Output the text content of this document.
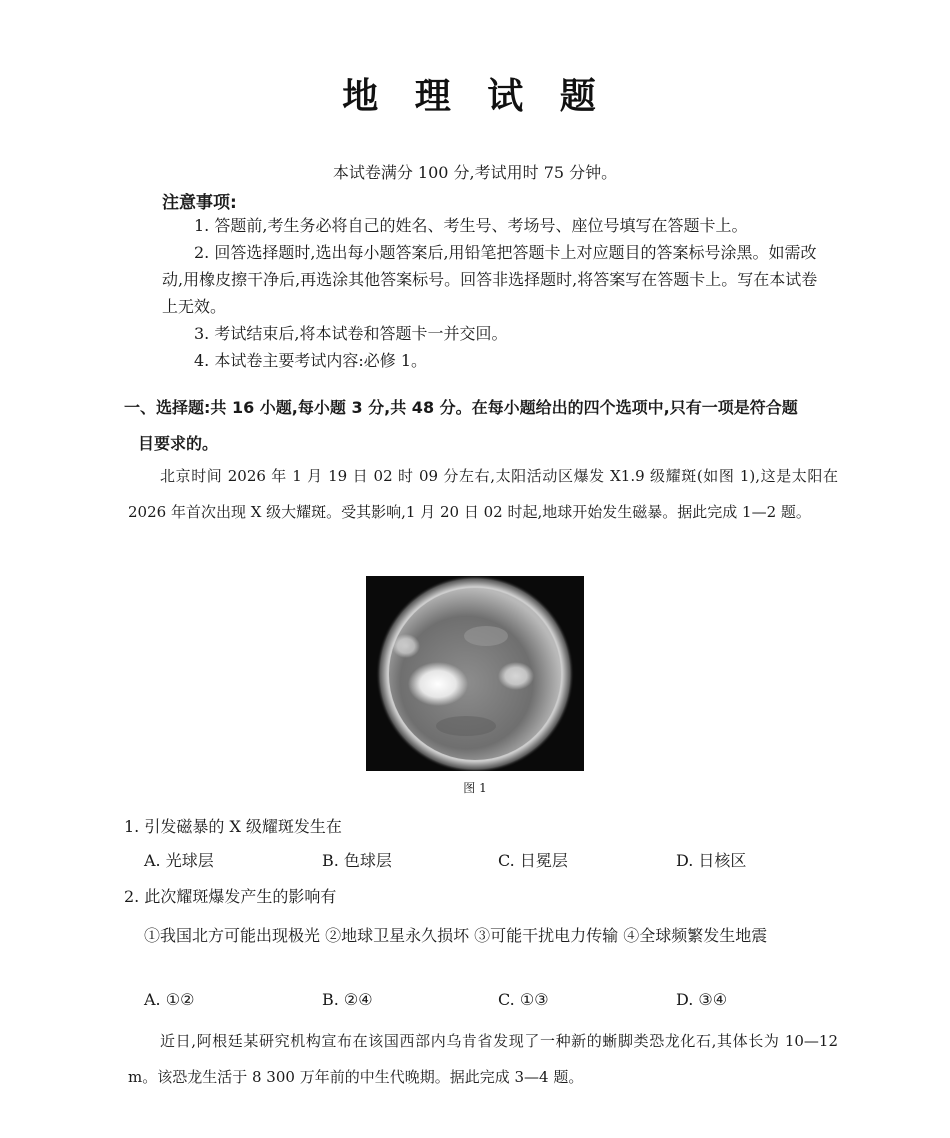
地 理 试 题
本试卷满分 100 分,考试用时 75 分钟。
注意事项:

1. 答题前,考生务必将自己的姓名、考生号、考场号、座位号填写在答题卡上。

2. 回答选择题时,选出每小题答案后,用铅笔把答题卡上对应题目的答案标号涂黑。如需改动,用橡皮擦干净后,再选涂其他答案标号。回答非选择题时,将答案写在答题卡上。写在本试卷上无效。

3. 考试结束后,将本试卷和答题卡一并交回。

4. 本试卷主要考试内容:必修 1。

一、选择题:共 16 小题,每小题 3 分,共 48 分。在每小题给出的四个选项中,只有一项是符合题
目要求的。

北京时间 2026 年 1 月 19 日 02 时 09 分左右,太阳活动区爆发 X1.9 级耀斑(如图 1),这是太阳在 2026 年首次出现 X 级大耀斑。受其影响,1 月 20 日 02 时起,地球开始发生磁暴。据此完成 1—2 题。

图 1
1. 引发磁暴的 X 级耀斑发生在
A. 光球层	B. 色球层	C. 日冕层	D. 日核区
2. 此次耀斑爆发产生的影响有
①我国北方可能出现极光 ②地球卫星永久损坏 ③可能干扰电力传输 ④全球频繁发生地震
A. ①②	B. ②④	C. ①③	D. ③④

近日,阿根廷某研究机构宣布在该国西部内乌肯省发现了一种新的蜥脚类恐龙化石,其体长为 10—12 m。该恐龙生活于 8 300 万年前的中生代晚期。据此完成 3—4 题。
